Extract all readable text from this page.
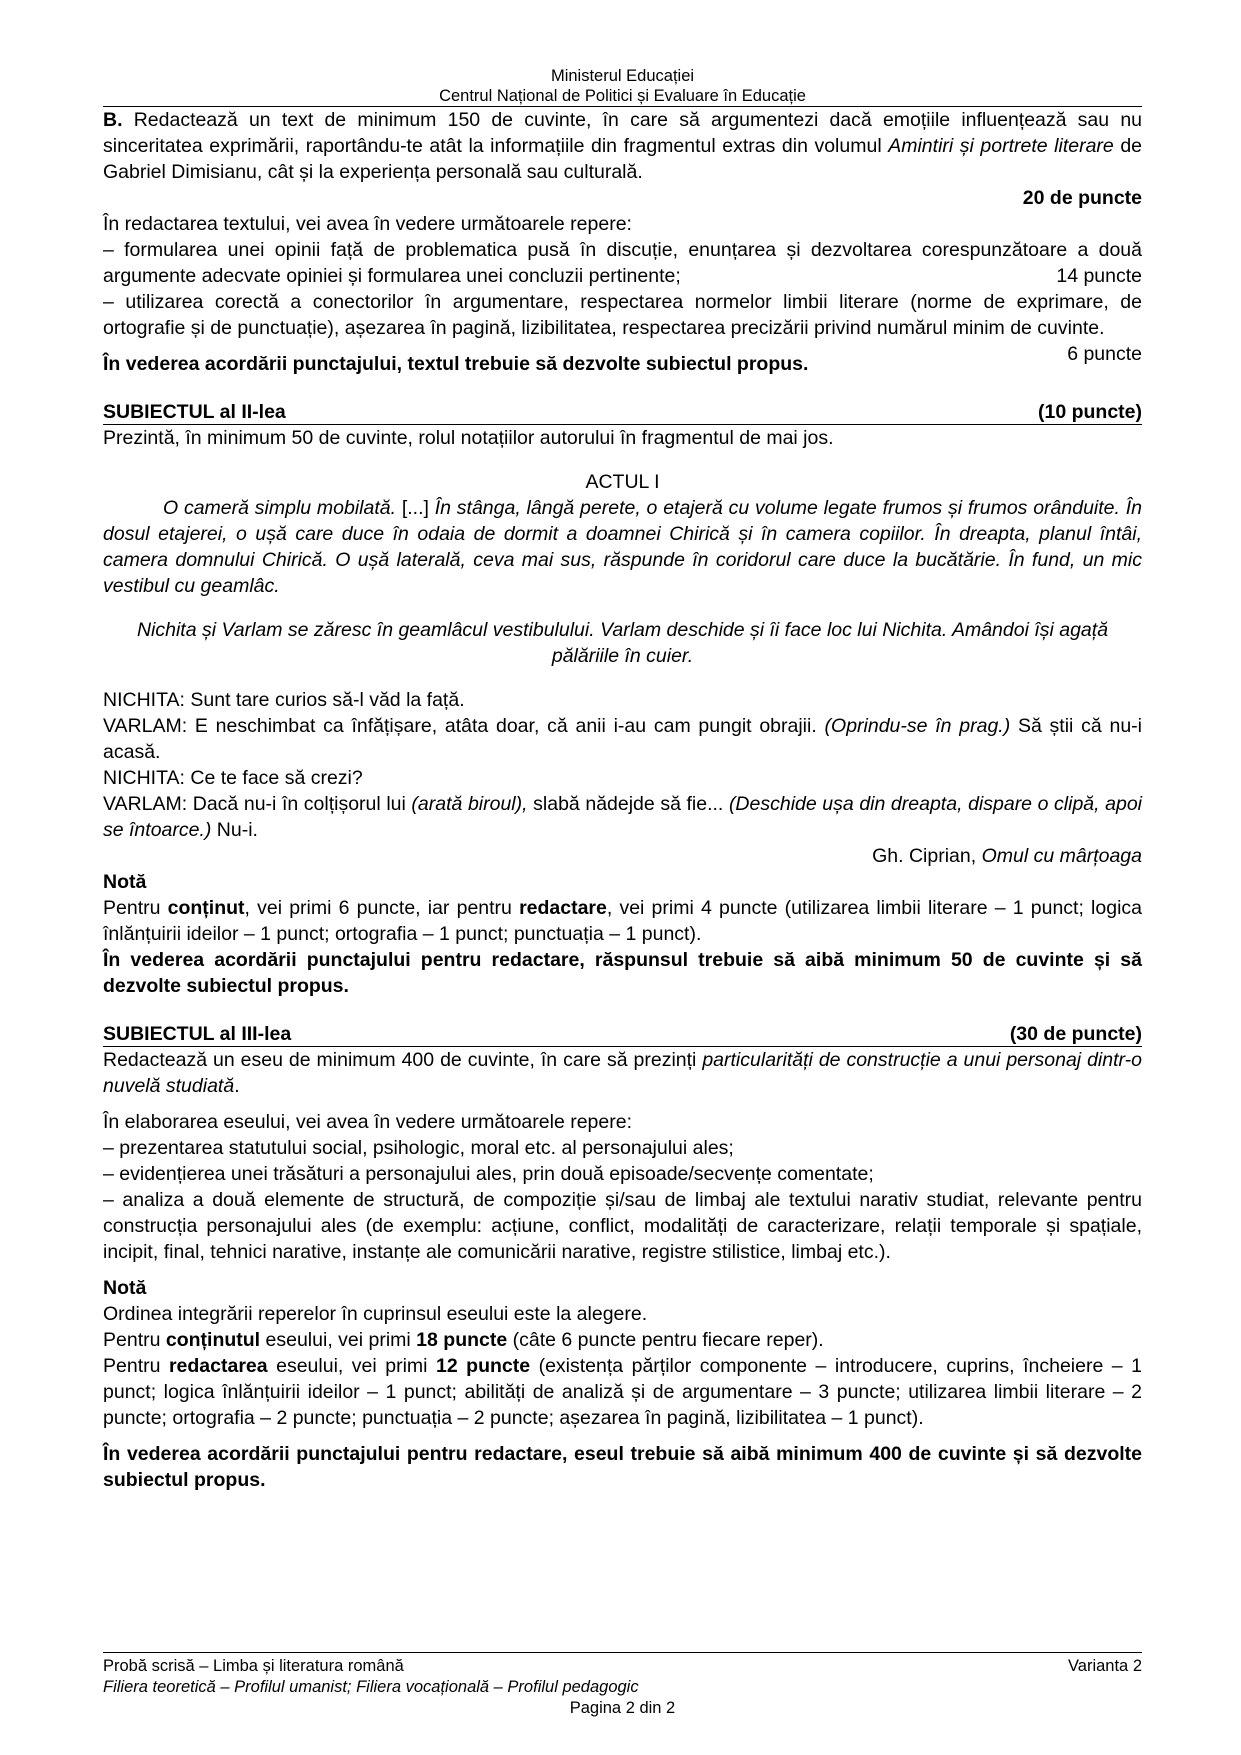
Ministerul Educației
Centrul Național de Politici și Evaluare în Educație

B. Redactează un text de minimum 150 de cuvinte, în care să argumentezi dacă emoțiile influențează sau nu sinceritatea exprimării, raportându-te atât la informațiile din fragmentul extras din volumul Amintiri și portrete literare de Gabriel Dimisianu, cât și la experiența personală sau culturală.

20 de puncte

În redactarea textului, vei avea în vedere următoarele repere:

– formularea unei opinii față de problematica pusă în discuție, enunțarea și dezvoltarea corespunzătoare a două argumente adecvate opiniei și formularea unei concluzii pertinente;	14 puncte

– utilizarea corectă a conectorilor în argumentare, respectarea normelor limbii literare (norme de exprimare, de ortografie și de punctuație), așezarea în pagină, lizibilitatea, respectarea precizării privind numărul minim de cuvinte.
6 puncte

În vederea acordării punctajului, textul trebuie să dezvolte subiectul propus.

SUBIECTUL al II-lea	(10 puncte)

Prezintă, în minimum 50 de cuvinte, rolul notațiilor autorului în fragmentul de mai jos.

ACTUL I

O cameră simplu mobilată. [...] În stânga, lângă perete, o etajeră cu volume legate frumos și frumos orânduite. În dosul etajerei, o ușă care duce în odaia de dormit a doamnei Chirică și în camera copiilor. În dreapta, planul întâi, camera domnului Chirică. O ușă laterală, ceva mai sus, răspunde în coridorul care duce la bucătărie. În fund, un mic vestibul cu geamlâc.

Nichita și Varlam se zăresc în geamlâcul vestibulului. Varlam deschide și îi face loc lui Nichita. Amândoi își agață pălăriile în cuier.

NICHITA: Sunt tare curios să-l văd la față.

VARLAM: E neschimbat ca înfățișare, atâta doar, că anii i-au cam pungit obrajii. (Oprindu-se în prag.) Să știi că nu-i acasă.

NICHITA: Ce te face să crezi?

VARLAM: Dacă nu-i în colțișorul lui (arată biroul), slabă nădejde să fie... (Deschide ușa din dreapta, dispare o clipă, apoi se întoarce.) Nu-i.

Gh. Ciprian, Omul cu mârțoaga

Notă

Pentru conținut, vei primi 6 puncte, iar pentru redactare, vei primi 4 puncte (utilizarea limbii literare – 1 punct; logica înlănțuirii ideilor – 1 punct; ortografia – 1 punct; punctuația – 1 punct).

În vederea acordării punctajului pentru redactare, răspunsul trebuie să aibă minimum 50 de cuvinte și să dezvolte subiectul propus.

SUBIECTUL al III-lea	(30 de puncte)

Redactează un eseu de minimum 400 de cuvinte, în care să prezinți particularități de construcție a unui personaj dintr-o nuvelă studiată.

În elaborarea eseului, vei avea în vedere următoarele repere:

– prezentarea statutului social, psihologic, moral etc. al personajului ales;

– evidențierea unei trăsături a personajului ales, prin două episoade/secvențe comentate;

– analiza a două elemente de structură, de compoziție și/sau de limbaj ale textului narativ studiat, relevante pentru construcția personajului ales (de exemplu: acțiune, conflict, modalități de caracterizare, relații temporale și spațiale, incipit, final, tehnici narative, instanțe ale comunicării narative, registre stilistice, limbaj etc.).

Notă

Ordinea integrării reperelor în cuprinsul eseului este la alegere.

Pentru conținutul eseului, vei primi 18 puncte (câte 6 puncte pentru fiecare reper).

Pentru redactarea eseului, vei primi 12 puncte (existența părților componente – introducere, cuprins, încheiere – 1 punct; logica înlănțuirii ideilor – 1 punct; abilități de analiză și de argumentare – 3 puncte; utilizarea limbii literare – 2 puncte; ortografia – 2 puncte; punctuația – 2 puncte; așezarea în pagină, lizibilitatea – 1 punct).

În vederea acordării punctajului pentru redactare, eseul trebuie să aibă minimum 400 de cuvinte și să dezvolte subiectul propus.

Probă scrisă – Limba și literatura română	Varianta 2
Filiera teoretică – Profilul umanist; Filiera vocațională – Profilul pedagogic
Pagina 2 din 2
